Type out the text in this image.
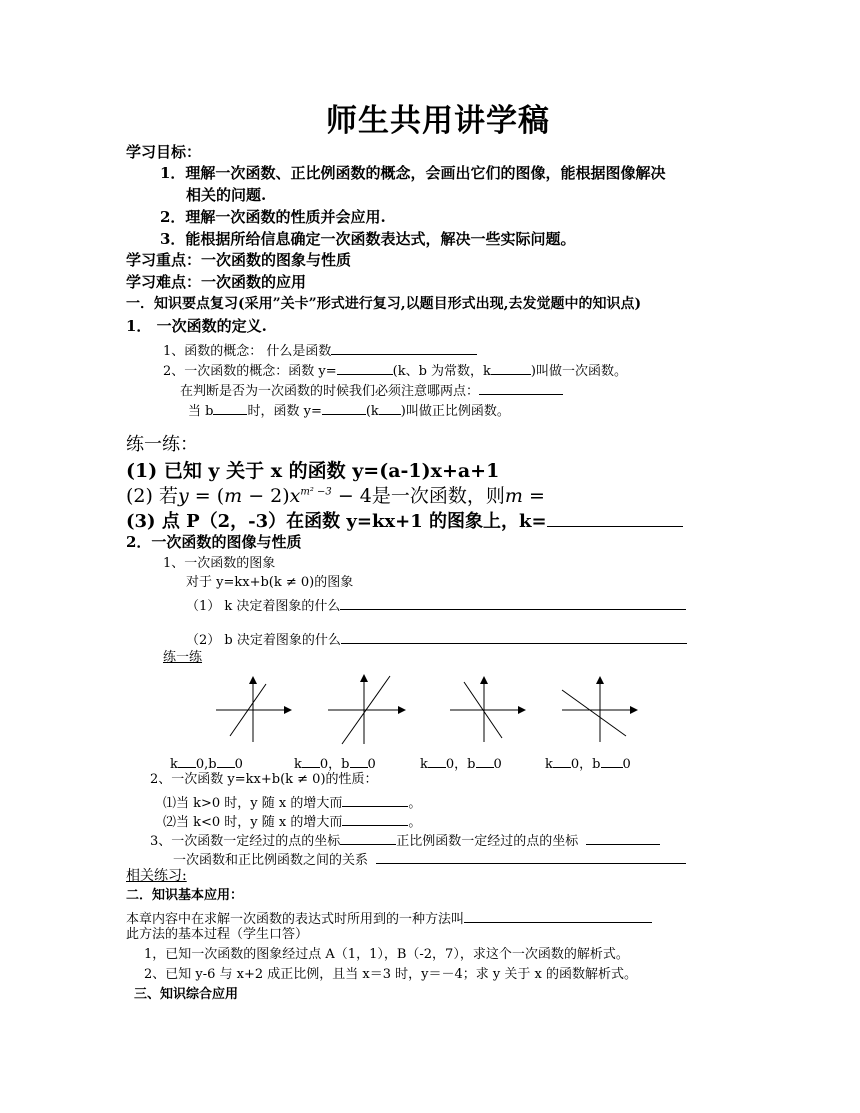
师生共用讲学稿
学习目标：
1．理解一次函数、正比例函数的概念，会画出它们的图像，能根据图像解决
相关的问题.
2．理解一次函数的性质并会应用.
3．能根据所给信息确定一次函数表达式，解决一些实际问题。
学习重点：一次函数的图象与性质
学习难点：一次函数的应用
一．知识要点复习(采用”关卡”形式进行复习,以题目形式出现,去发觉题中的知识点)
1． 一次函数的定义.
1、函数的概念： 什么是函数
2、一次函数的概念：函数 y=	(k、b 为常数，k	)叫做一次函数。
在判断是否为一次函数的时候我们必须注意哪两点：
当 b	时，函数 y=	(k )叫做正比例函数。
练一练：
(1) 已知 y 关于 x 的函数 y=(a-1)x+a+1
(2) 若$y = (m - 2)x^{m^2 -3} - 4$是一次函数，则m =
(3) 点 P（2，-3）在函数 y=kx+1 的图象上，k=
2．一次函数的图像与性质
1、一次函数的图象
对于 y=kx+b(k ≠ 0)的图象
（1） k 决定着图象的什么
（2） b 决定着图象的什么
练一练
k 0,b 0	k 0，b 0	k 0，b 0	k 0，b 0
2、一次函数 y=kx+b(k ≠ 0)的性质：
⑴当 k>0 时，y 随 x 的增大而	。
⑵当 k<0 时，y 随 x 的增大而	。
3、一次函数一定经过的点的坐标	正比例函数一定经过的点的坐标
一次函数和正比例函数之间的关系
相关练习:
二．知识基本应用：
本章内容中在求解一次函数的表达式时所用到的一种方法叫
此方法的基本过程（学生口答）
1，已知一次函数的图象经过点 A（1，1），B（-2，7），求这个一次函数的解析式。
2、已知 y-6 与 x+2 成正比例，且当 x＝3 时，y＝－4；求 y 关于 x 的函数解析式。
三、知识综合应用
